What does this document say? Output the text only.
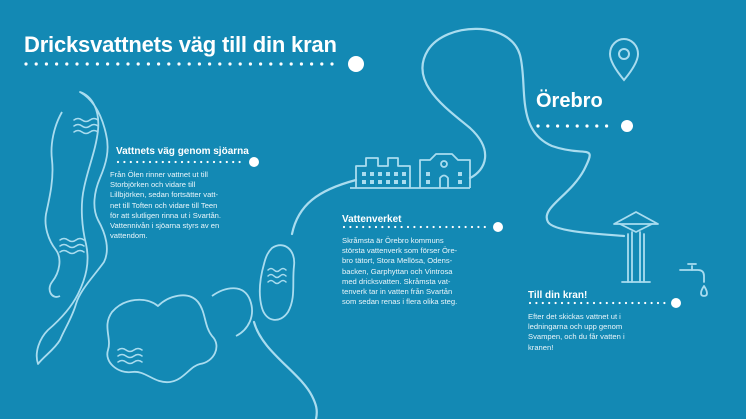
Dricksvattnets väg till din kran
Örebro
Vattnets väg genom sjöarna
Från Ölen rinner vattnet ut till
Storbjörken och vidare till
Lillbjörken, sedan fortsätter vatt-
net till Toften och vidare till Teen
för att slutligen rinna ut i Svartån.
Vattennivån i sjöarna styrs av en
vattendom.
Vattenverket
Skråmsta är Örebro kommuns
största vattenverk som förser Öre-
bro tätort, Stora Mellösa, Odens-
backen, Garphyttan och Vintrosa
med dricksvatten. Skråmsta vat-
tenverk tar in vatten från Svartån
som sedan renas i flera olika steg.
Till din kran!
Efter det skickas vattnet ut i
ledningarna och upp genom
Svampen, och du får vatten i
kranen!
